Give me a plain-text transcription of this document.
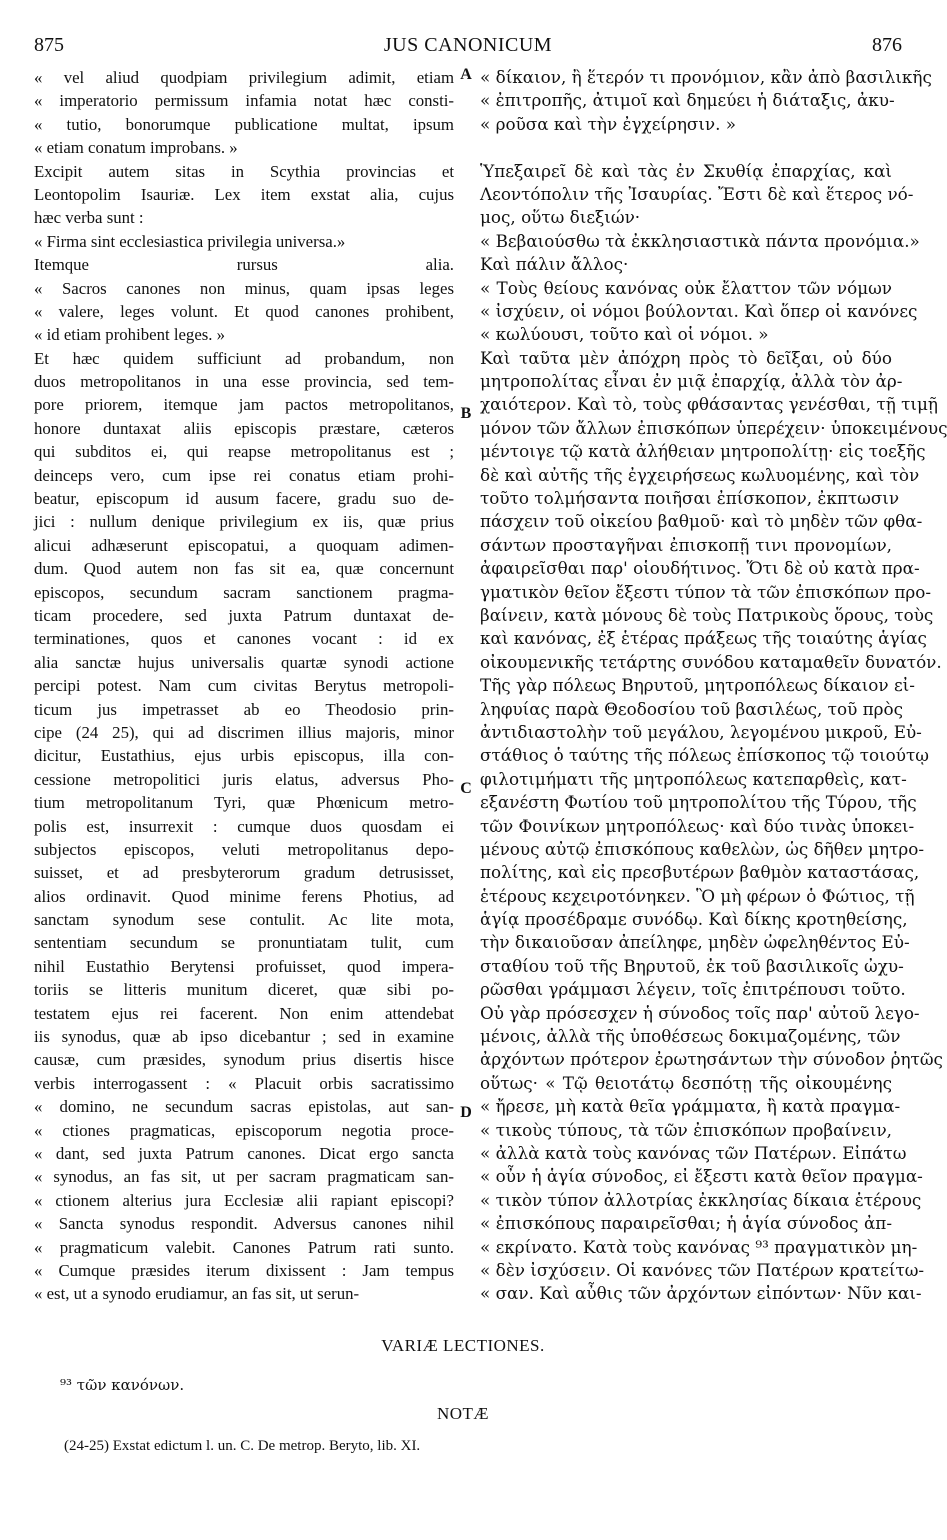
875	JUS CANONICUM	876
« vel aliud quodpiam privilegium adimit, etiam
« imperatorio permissum infamia notat hæc consti-
« tutio, bonorumque publicatione multat, ipsum
« etiam conatum improbans. »
Excipit autem sitas in Scythia provincias et
Leontopolim Isauriæ. Lex item exstat alia, cujus
hæc verba sunt :
« Firma sint ecclesiastica privilegia universa.»
Itemque rursus alia.
« Sacros canones non minus, quam ipsas leges
« valere, leges volunt. Et quod canones prohibent,
« id etiam prohibent leges. »
Et hæc quidem sufficiunt ad probandum, non
duos metropolitanos in una esse provincia, sed tem-
pore priorem, itemque jam pactos metropolitanos,
honore duntaxat aliis episcopis præstare, cæteros
qui subditos ei, qui reapse metropolitanus est ;
deinceps vero, cum ipse rei conatus etiam prohi-
beatur, episcopum id ausum facere, gradu suo de-
jici : nullum denique privilegium ex iis, quæ prius
alicui adhæserunt episcopatui, a quoquam adimen-
dum. Quod autem non fas sit ea, quæ concernunt
episcopos, secundum sacram sanctionem pragma-
ticam procedere, sed juxta Patrum duntaxat de-
terminationes, quos et canones vocant : id ex
alia sanctæ hujus universalis quartæ synodi actione
percipi potest. Nam cum civitas Berytus metropoli-
ticum jus impetrasset ab eo Theodosio prin-
cipe (24 25), qui ad discrimen illius majoris, minor
dicitur, Eustathius, ejus urbis episcopus, illa con-
cessione metropolitici juris elatus, adversus Pho-
tium metropolitanum Tyri, quæ Phœnicum metro-
polis est, insurrexit : cumque duos quosdam ei
subjectos episcopos, veluti metropolitanus depo-
suisset, et ad presbyterorum gradum detrusisset,
alios ordinavit. Quod minime ferens Photius, ad
sanctam synodum sese contulit. Ac lite mota,
sententiam secundum se pronuntiatam tulit, cum
nihil Eustathio Berytensi profuisset, quod impera-
toriis se litteris munitum diceret, quæ sibi po-
testatem ejus rei facerent. Non enim attendebat
iis synodus, quæ ab ipso dicebantur ; sed in examine
causæ, cum præsides, synodum prius disertis hisce
verbis interrogassent : « Placuit orbis sacratissimo
« domino, ne secundum sacras epistolas, aut san-
« ctiones pragmaticas, episcoporum negotia proce-
« dant, sed juxta Patrum canones. Dicat ergo sancta
« synodus, an fas sit, ut per sacram pragmaticam san-
« ctionem alterius jura Ecclesiæ alii rapiant episcopi?
« Sancta synodus respondit. Adversus canones nihil
« pragmaticum valebit. Canones Patrum rati sunto.
« Cumque præsides iterum dixissent : Jam tempus
« est, ut a synodo erudiamur, an fas sit, ut serun-
« δίκαιον, ἢ ἕτερόν τι προνόμιον, κἂν ἀπὸ βασιλικῆς
« ἐπιτροπῆς, ἀτιμοῖ καὶ δημεύει ἡ διάταξις, ἀκυ-
« ροῦσα καὶ τὴν ἐγχείρησιν. »
Ὑπεξαιρεῖ δὲ καὶ τὰς ἐν Σκυθίᾳ ἐπαρχίας, καὶ
Λεοντόπολιν τῆς Ἰσαυρίας. Ἔστι δὲ καὶ ἕτερος νό-
μος, οὕτω διεξιών·
« Βεβαιούσθω τὰ ἐκκλησιαστικὰ πάντα προνόμια.»
Καὶ πάλιν ἄλλος·
« Τοὺς θείους κανόνας οὐκ ἔλαττον τῶν νόμων
« ἰσχύειν, οἱ νόμοι βούλονται. Καὶ ὅπερ οἱ κανόνες
« κωλύουσι, τοῦτο καὶ οἱ νόμοι. »
Καὶ ταῦτα μὲν ἀπόχρη πρὸς τὸ δεῖξαι, οὐ δύο
μητροπολίτας εἶναι ἐν μιᾷ ἐπαρχίᾳ, ἀλλὰ τὸν ἀρ-
χαιότερον. Καὶ τὸ, τοὺς φθάσαντας γενέσθαι, τῇ τιμῇ
μόνον τῶν ἄλλων ἐπισκόπων ὑπερέχειν· ὑποκειμένους
μέντοιγε τῷ κατὰ ἀλήθειαν μητροπολίτῃ· εἰς τοεξῆς
δὲ καὶ αὐτῆς τῆς ἐγχειρήσεως κωλυομένης, καὶ τὸν
τοῦτο τολμήσαντα ποιῆσαι ἐπίσκοπον, ἐκπτωσιν
πάσχειν τοῦ οἰκείου βαθμοῦ· καὶ τὸ μηδὲν τῶν φθα-
σάντων προσταγῆναι ἐπισκοπῇ τινι προνομίων,
ἀφαιρεῖσθαι παρ' οἱουδήτινος. Ὅτι δὲ οὐ κατὰ πρα-
γματικὸν θεῖον ἔξεστι τύπον τὰ τῶν ἐπισκόπων προ-
βαίνειν, κατὰ μόνους δὲ τοὺς Πατρικοὺς ὅρους, τοὺς
καὶ κανόνας, ἐξ ἑτέρας πράξεως τῆς τοιαύτης ἁγίας
οἰκουμενικῆς τετάρτης συνόδου καταμαθεῖν δυνατόν.
Τῆς γὰρ πόλεως Βηρυτοῦ, μητροπόλεως δίκαιον εἰ-
ληφυίας παρὰ Θεοδοσίου τοῦ βασιλέως, τοῦ πρὸς
ἀντιδιαστολὴν τοῦ μεγάλου, λεγομένου μικροῦ, Εὐ-
στάθιος ὁ ταύτης τῆς πόλεως ἐπίσκοπος τῷ τοιούτῳ
φιλοτιμήματι τῆς μητροπόλεως κατεπαρθεὶς, κατ-
εξανέστη Φωτίου τοῦ μητροπολίτου τῆς Τύρου, τῆς
τῶν Φοινίκων μητροπόλεως· καὶ δύο τινὰς ὑποκει-
μένους αὐτῷ ἐπισκόπους καθελὼν, ὡς δῆθεν μητρο-
πολίτης, καὶ εἰς πρεσβυτέρων βαθμὸν καταστάσας,
ἑτέρους κεχειροτόνηκεν. Ὃ μὴ φέρων ὁ Φώτιος, τῇ
ἁγίᾳ προσέδραμε συνόδῳ. Καὶ δίκης κροτηθείσης,
τὴν δικαιοῦσαν ἀπείληφε, μηδὲν ὠφεληθέντος Εὐ-
σταθίου τοῦ τῆς Βηρυτοῦ, ἐκ τοῦ βασιλικοῖς ὠχυ-
ρῶσθαι γράμμασι λέγειν, τοῖς ἐπιτρέπουσι τοῦτο.
Οὐ γὰρ πρόσεσχεν ἡ σύνοδος τοῖς παρ' αὐτοῦ λεγο-
μένοις, ἀλλὰ τῆς ὑποθέσεως δοκιμαζομένης, τῶν
ἀρχόντων πρότερον ἐρωτησάντων τὴν σύνοδον ῥητῶς
οὕτως· « Τῷ θειοτάτῳ δεσπότῃ τῆς οἰκουμένης
« ἤρεσε, μὴ κατὰ θεῖα γράμματα, ἢ κατὰ πραγμα-
« τικοὺς τύπους, τὰ τῶν ἐπισκόπων προβαίνειν,
« ἀλλὰ κατὰ τοὺς κανόνας τῶν Πατέρων. Εἰπάτω
« οὖν ἡ ἁγία σύνοδος, εἰ ἔξεστι κατὰ θεῖον πραγμα-
« τικὸν τύπον ἀλλοτρίας ἐκκλησίας δίκαια ἑτέρους
« ἐπισκόπους παραιρεῖσθαι; ἡ ἁγία σύνοδος ἀπ-
« εκρίνατο. Κατὰ τοὺς κανόνας ⁹³ πραγματικὸν μη-
« δὲν ἰσχύσειν. Οἱ κανόνες τῶν Πατέρων κρατείτω-
« σαν. Καὶ αὖθις τῶν ἀρχόντων εἰπόντων· Νῦν και-
A
B
C
D
VARIÆ LECTIONES.
⁹³ τῶν κανόνων.
NOTÆ
(24-25) Exstat edictum l. un. C. De metrop. Beryto, lib. XI.
